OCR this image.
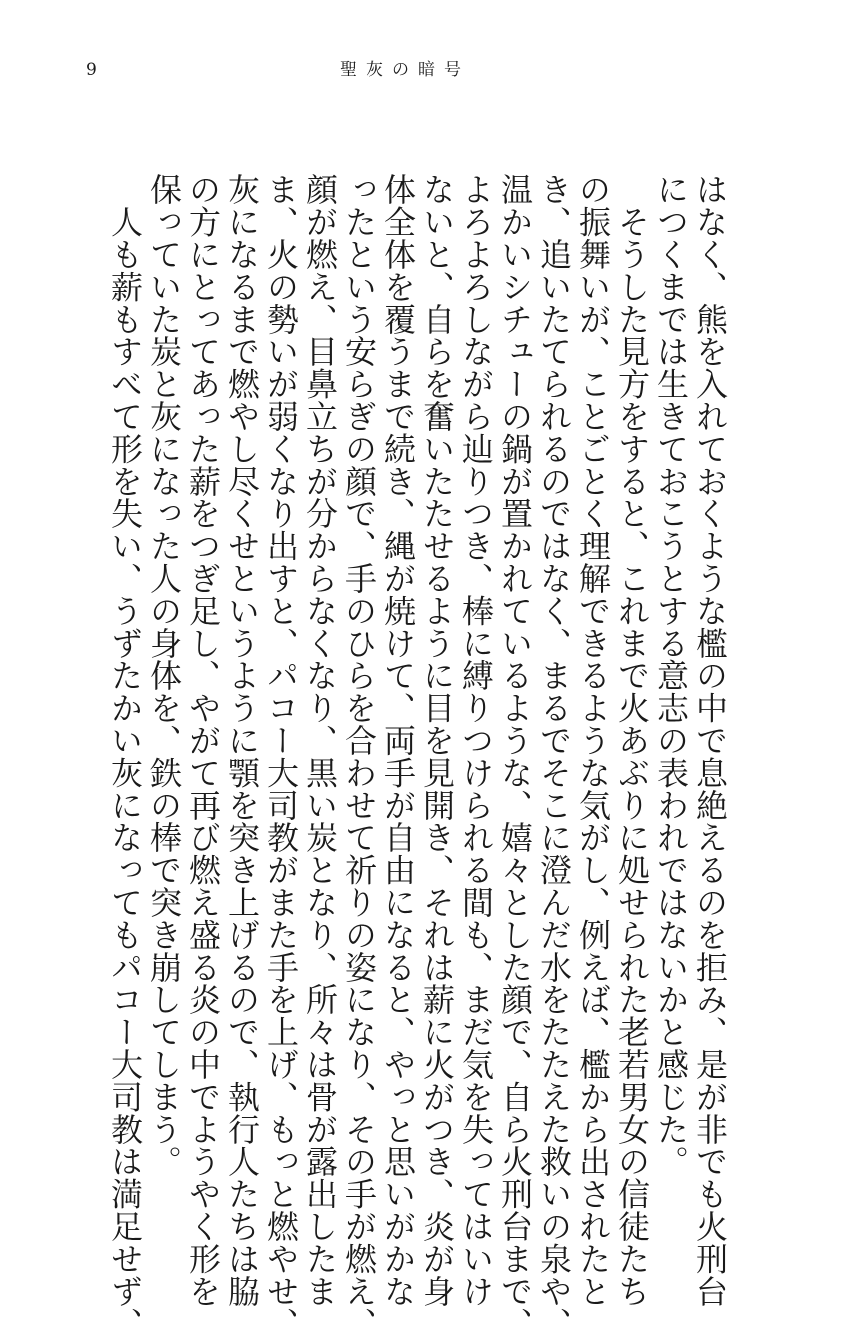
9	聖灰の暗号
はなく、熊を入れておくような檻の中で息絶えるのを拒み、是が非でも火刑台
につくまでは生きておこうとする意志の表われではないかと感じた。
　そうした見方をすると、これまで火あぶりに処せられた老若男女の信徒たち
の振舞いが、ことごとく理解できるような気がし、例えば、檻から出されたと
き、追いたてられるのではなく、まるでそこに澄んだ水をたたえた救いの泉や、
温かいシチューの鍋が置かれているような、嬉々とした顔で、自ら火刑台まで、
よろよろしながら辿りつき、棒に縛りつけられる間も、まだ気を失ってはいけ
ないと、自らを奮いたたせるように目を見開き、それは薪に火がつき、炎が身
体全体を覆うまで続き、縄が焼けて、両手が自由になると、やっと思いがかな
ったという安らぎの顔で、手のひらを合わせて祈りの姿になり、その手が燃え、
顔が燃え、目鼻立ちが分からなくなり、黒い炭となり、所々は骨が露出したま
ま、火の勢いが弱くなり出すと、パコー大司教がまた手を上げ、もっと燃やせ、
灰になるまで燃やし尽くせというように顎を突き上げるので、執行人たちは脇
の方にとってあった薪をつぎ足し、やがて再び燃え盛る炎の中でようやく形を
保っていた炭と灰になった人の身体を、鉄の棒で突き崩してしまう。
　人も薪もすべて形を失い、うずたかい灰になってもパコー大司教は満足せず、
